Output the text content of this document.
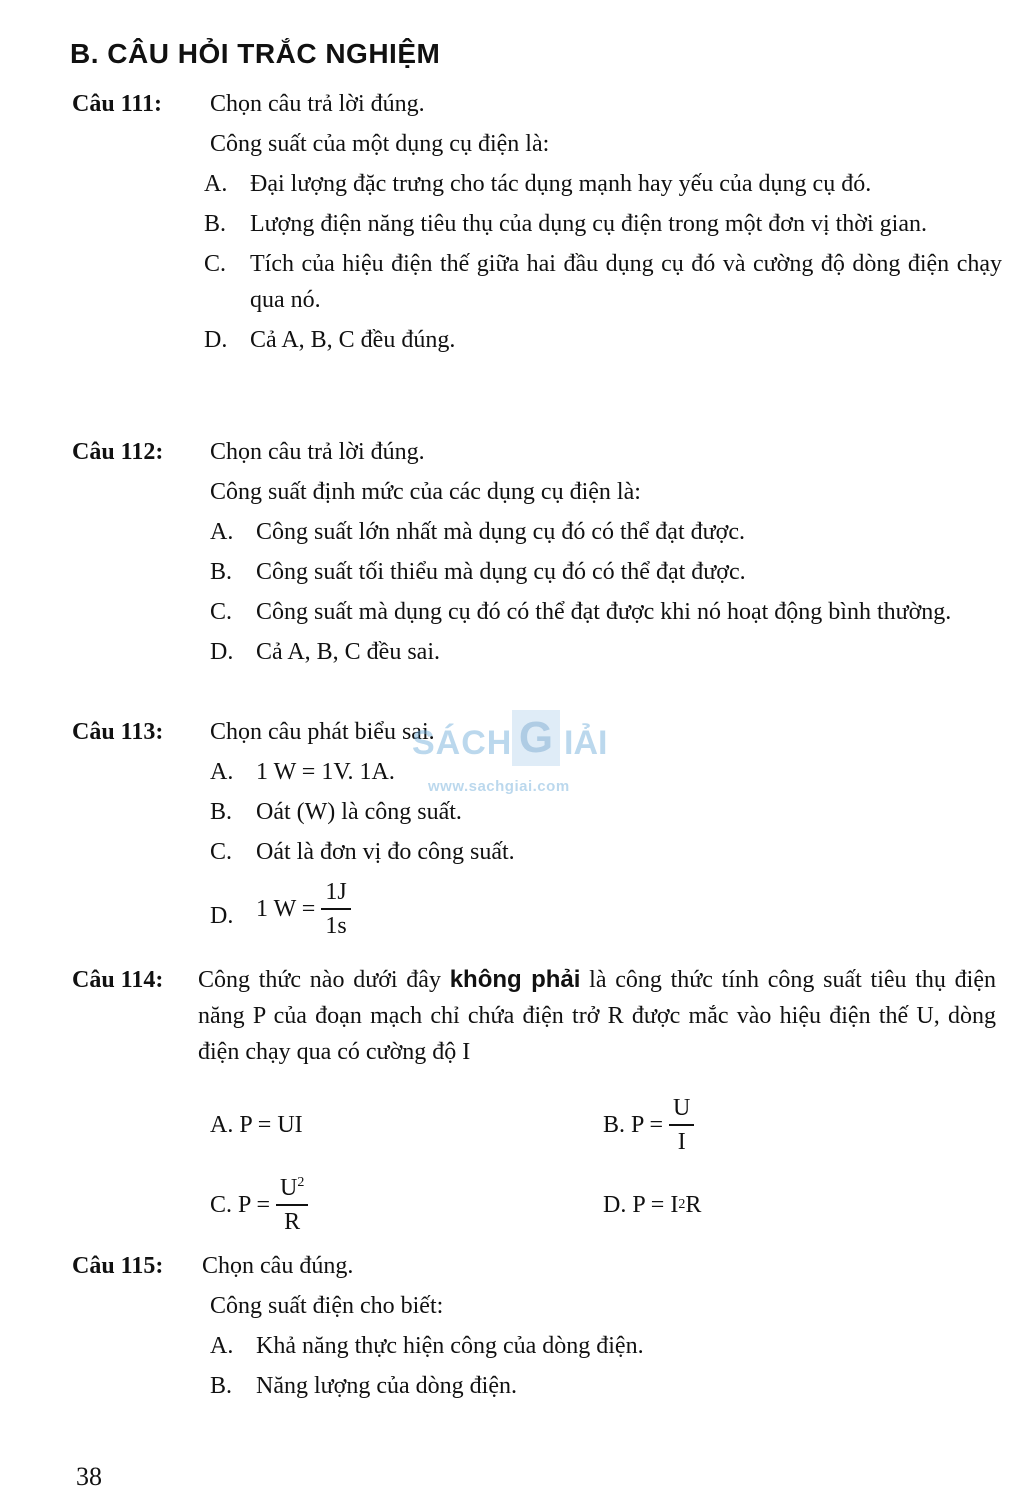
B. CÂU HỎI TRẮC NGHIỆM
Câu 111: Chọn câu trả lời đúng.
Công suất của một dụng cụ điện là:
A. Đại lượng đặc trưng cho tác dụng mạnh hay yếu của dụng cụ đó.
B. Lượng điện năng tiêu thụ của dụng cụ điện trong một đơn vị thời gian.
C. Tích của hiệu điện thế giữa hai đầu dụng cụ đó và cường độ dòng điện chạy qua nó.
D. Cả A, B, C đều đúng.
Câu 112: Chọn câu trả lời đúng.
Công suất định mức của các dụng cụ điện là:
A. Công suất lớn nhất mà dụng cụ đó có thể đạt được.
B. Công suất tối thiểu mà dụng cụ đó có thể đạt được.
C. Công suất mà dụng cụ đó có thể đạt được khi nó hoạt động bình thường.
D. Cả A, B, C đều sai.
Câu 113: Chọn câu phát biểu sai.
A. 1 W = 1V. 1A.
B. Oát (W) là công suất.
C. Oát là đơn vị đo công suất.
D. 1 $W = \frac{1J}{1s}$
Câu 114:	Công thức nào dưới đây không phải là công thức tính công suất tiêu thụ điện năng P của đoạn mạch chỉ chứa điện trở R được mắc vào hiệu điện thế U, dòng điện chạy qua có cường độ I
A.
P = UI	B.
$P = \frac{U}{I}$
C.
$P = \frac{U^2}{R}$	D.
P = I 2 R
Câu 115: Chọn câu đúng.
Công suất điện cho biết:
A. Khả năng thực hiện công của dòng điện.
B. Năng lượng của dòng điện.
SÁCH G IẢI
www.sachgiai.com
38
